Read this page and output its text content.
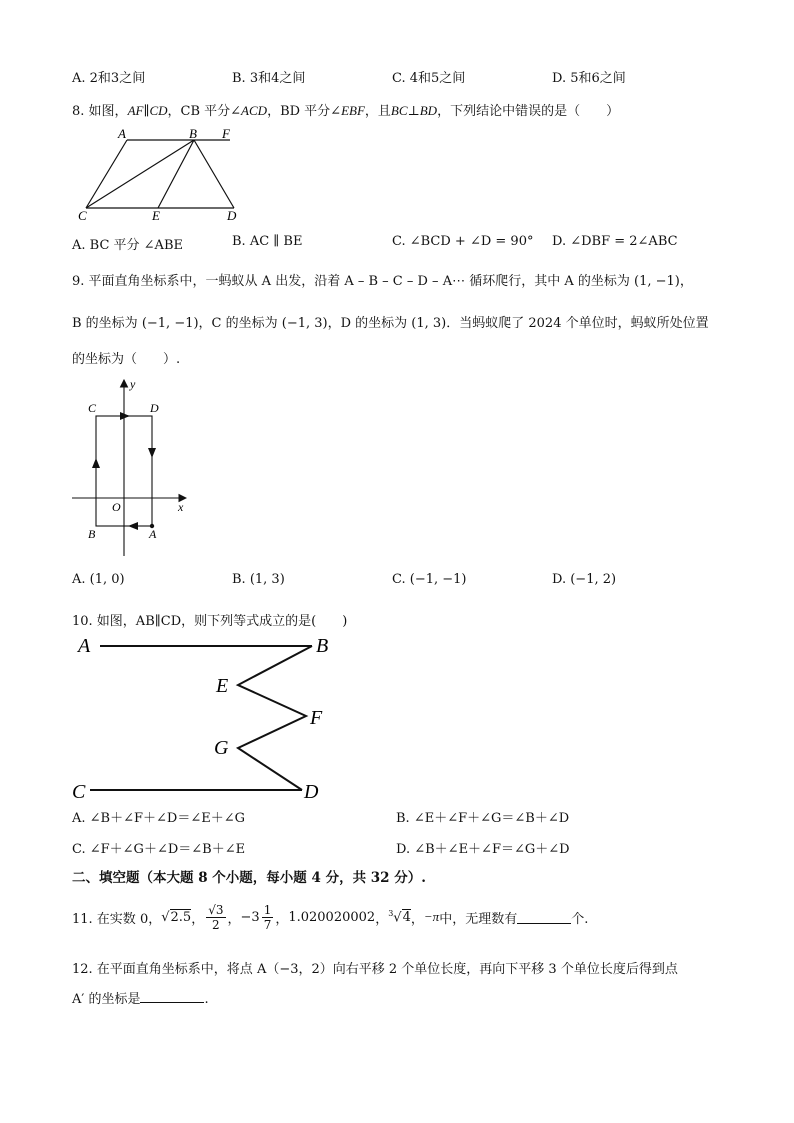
A. 2和3之间	B. 3和4之间	C. 4和5之间	D. 5和6之间
8. 如图，AF∥CD，CB 平分∠ACD，BD 平分∠EBF，且BC⊥BD，下列结论中错误的是（　　）
A	B F
C	E	D
A. BC 平分 ∠ABE	B. AC ∥ BE	C. ∠BCD + ∠D = 90°	D. ∠DBF = 2∠ABC
9. 平面直角坐标系中，一蚂蚁从 A 出发，沿着 A – B – C – D – A⋯ 循环爬行，其中 A 的坐标为 (1, −1)，
B 的坐标为 (−1, −1)，C 的坐标为 (−1, 3)，D 的坐标为 (1, 3)．当蚂蚁爬了 2024 个单位时，蚂蚁所处位置
的坐标为（　　）.
y
x
O
C	D
B	A
A. (1, 0)	B. (1, 3)	C. (−1, −1)	D. (−1, 2)
10. 如图，AB∥CD，则下列等式成立的是(　　)
A	B
E
F
G
C	D
A. ∠B＋∠F＋∠D＝∠E＋∠G	B. ∠E＋∠F＋∠G＝∠B＋∠D
C. ∠F＋∠G＋∠D＝∠B＋∠E	D. ∠B＋∠E＋∠F＝∠G＋∠D
二、填空题（本大题 8 个小题，每小题 4 分，共 32 分）.
11. 在实数 0， √2.5 ， $\frac{√3}{2}$ ， $-3 \frac{1}{7}$ ， 1.020020002 ， $^3$√4 ， −π 中，无理数有	个.
12. 在平面直角坐标系中，将点 A（−3，2）向右平移 2 个单位长度，再向下平移 3 个单位长度后得到点
A′ 的坐标是	.
